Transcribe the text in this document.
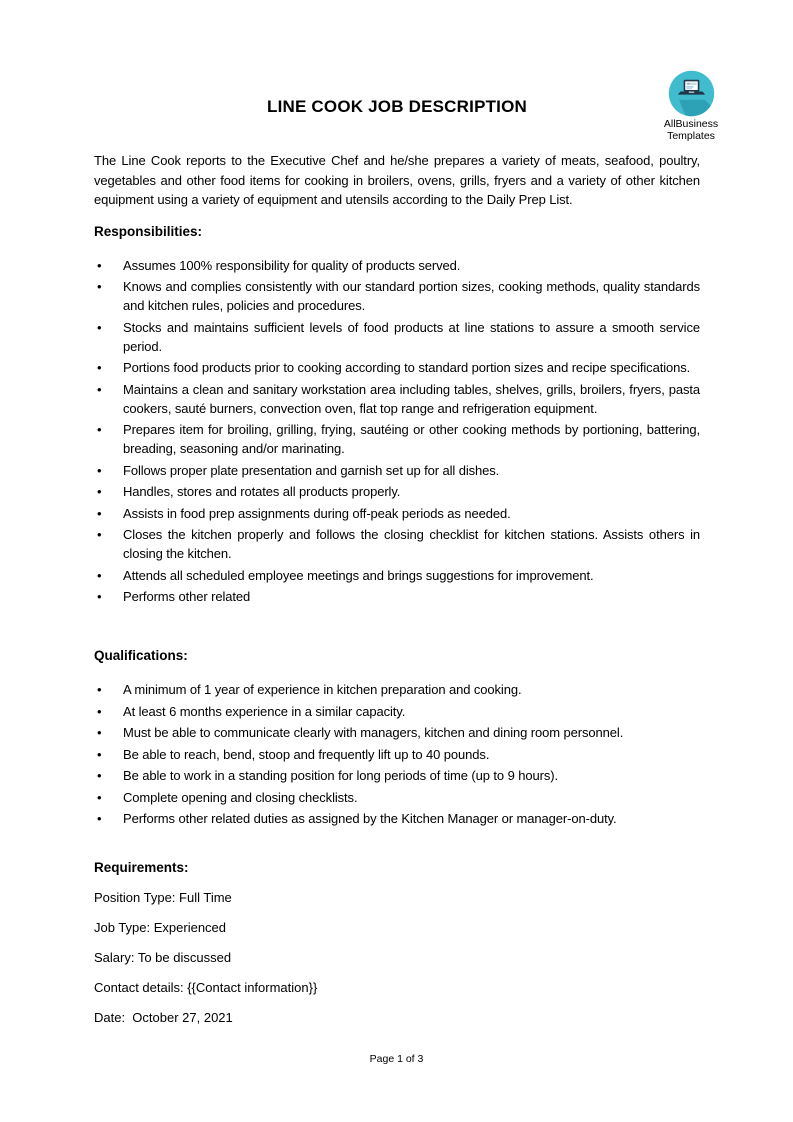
LINE COOK JOB DESCRIPTION
AllBusiness
Templates

The Line Cook reports to the Executive Chef and he/she prepares a variety of meats, seafood, poultry, vegetables and other food items for cooking in broilers, ovens, grills, fryers and a variety of other kitchen equipment using a variety of equipment and utensils according to the Daily Prep List.

Responsibilities:

• Assumes 100% responsibility for quality of products served.
• Knows and complies consistently with our standard portion sizes, cooking methods, quality standards and kitchen rules, policies and procedures.
• Stocks and maintains sufficient levels of food products at line stations to assure a smooth service period.
• Portions food products prior to cooking according to standard portion sizes and recipe specifications.
• Maintains a clean and sanitary workstation area including tables, shelves, grills, broilers, fryers, pasta cookers, sauté burners, convection oven, flat top range and refrigeration equipment.
• Prepares item for broiling, grilling, frying, sautéing or other cooking methods by portioning, battering, breading, seasoning and/or marinating.
• Follows proper plate presentation and garnish set up for all dishes.
• Handles, stores and rotates all products properly.
• Assists in food prep assignments during off-peak periods as needed.
• Closes the kitchen properly and follows the closing checklist for kitchen stations. Assists others in closing the kitchen.
• Attends all scheduled employee meetings and brings suggestions for improvement.
• Performs other related

Qualifications:

• A minimum of 1 year of experience in kitchen preparation and cooking.
• At least 6 months experience in a similar capacity.
• Must be able to communicate clearly with managers, kitchen and dining room personnel.
• Be able to reach, bend, stoop and frequently lift up to 40 pounds.
• Be able to work in a standing position for long periods of time (up to 9 hours).
• Complete opening and closing checklists.
• Performs other related duties as assigned by the Kitchen Manager or manager-on-duty.

Requirements:

Position Type: Full Time

Job Type: Experienced

Salary: To be discussed

Contact details: {{Contact information}}

Date:  October 27, 2021

Page 1 of 3
